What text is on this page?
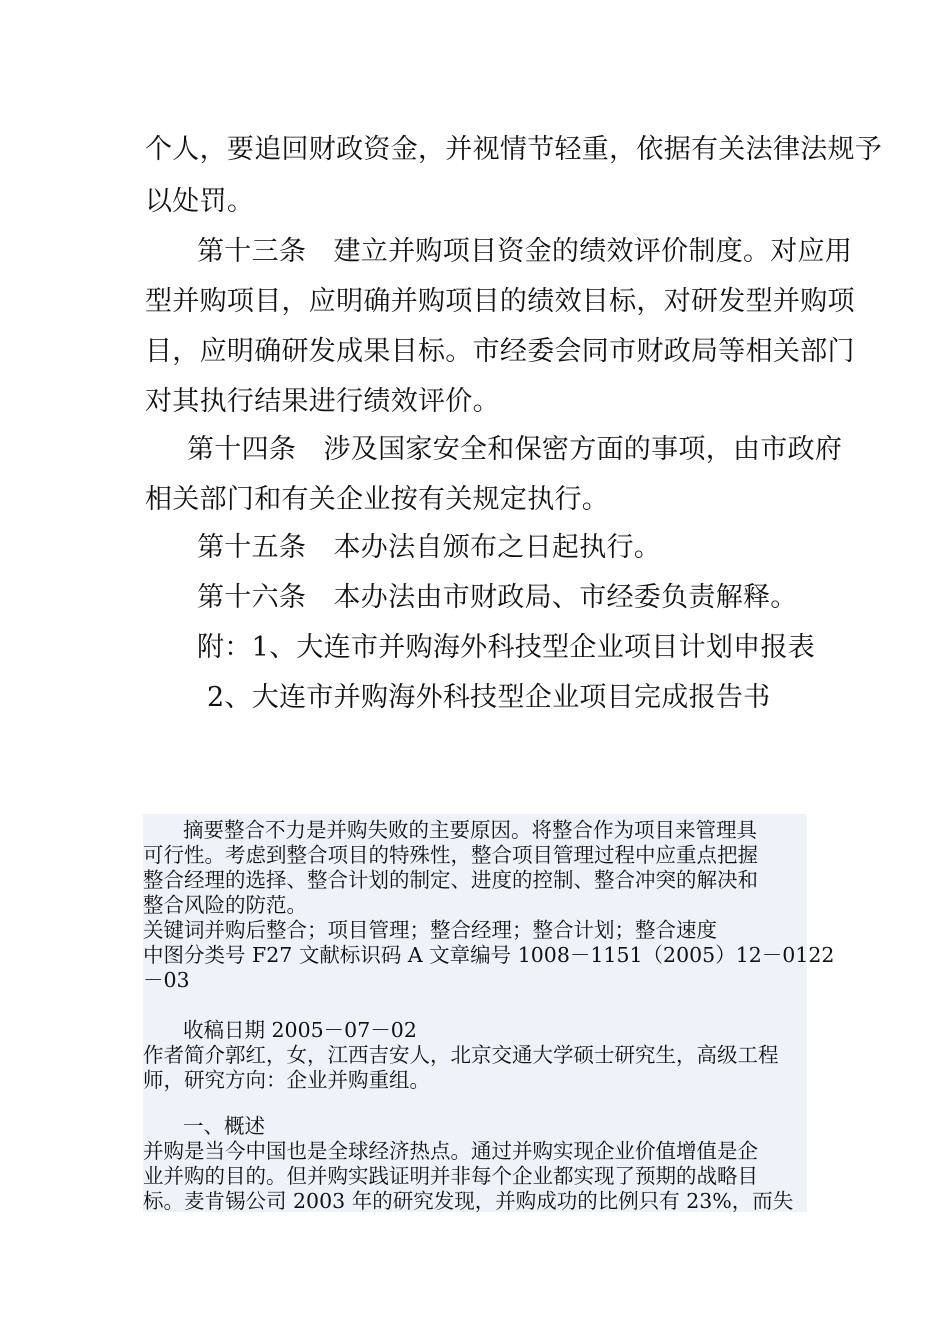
个人，要追回财政资金，并视情节轻重，依据有关法律法规予

以处罚。

第十三条　建立并购项目资金的绩效评价制度。对应用

型并购项目，应明确并购项目的绩效目标，对研发型并购项

目，应明确研发成果目标。市经委会同市财政局等相关部门

对其执行结果进行绩效评价。

第十四条　涉及国家安全和保密方面的事项，由市政府

相关部门和有关企业按有关规定执行。

第十五条　本办法自颁布之日起执行。

第十六条　本办法由市财政局、市经委负责解释。

附：1、大连市并购海外科技型企业项目计划申报表

2、大连市并购海外科技型企业项目完成报告书

摘要整合不力是并购失败的主要原因。将整合作为项目来管理具

可行性。考虑到整合项目的特殊性，整合项目管理过程中应重点把握

整合经理的选择、整合计划的制定、进度的控制、整合冲突的解决和

整合风险的防范。

关键词并购后整合；项目管理；整合经理；整合计划；整合速度

中图分类号 F27 文献标识码 A 文章编号 1008－1151（2005）12－0122

－03

收稿日期 2005－07－02

作者简介郭红，女，江西吉安人，北京交通大学硕士研究生，高级工程

师，研究方向：企业并购重组。

一、概述

并购是当今中国也是全球经济热点。通过并购实现企业价值增值是企

业并购的目的。但并购实践证明并非每个企业都实现了预期的战略目

标。麦肯锡公司 2003 年的研究发现，并购成功的比例只有 23%，而失
